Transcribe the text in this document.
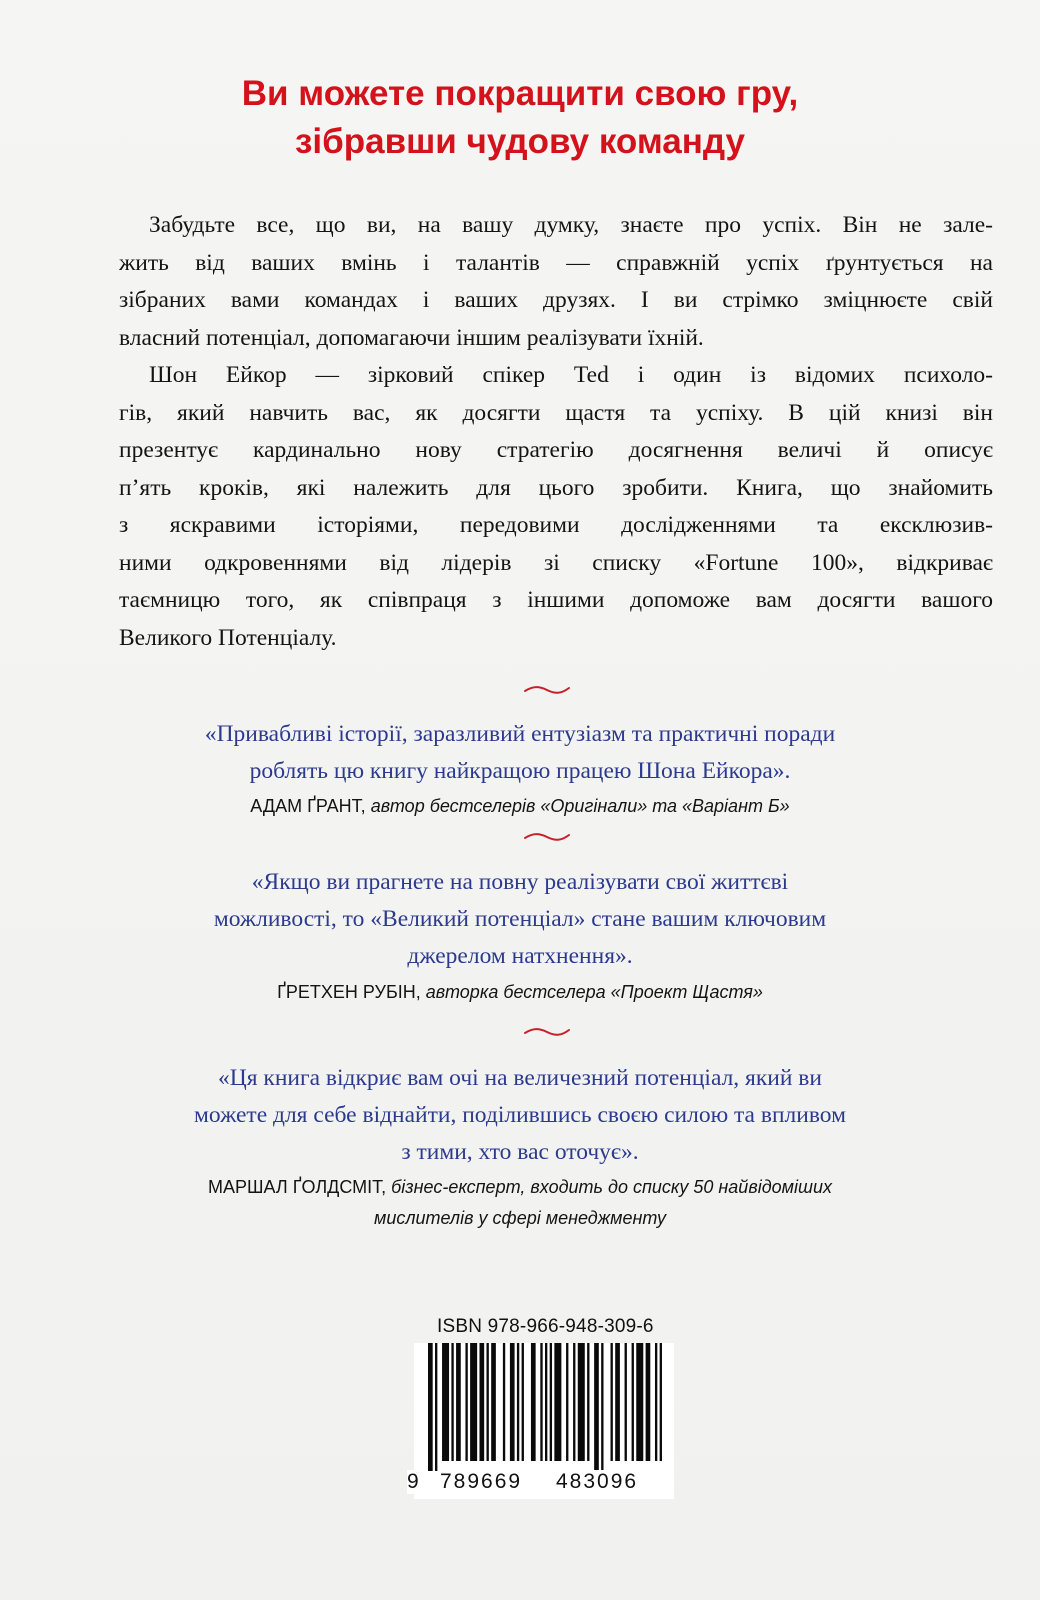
Ви можете покращити свою гру,
зібравши чудову команду
Забудьте все, що ви, на вашу думку, знаєте про успіх. Він не зале-
жить від ваших вмінь і талантів — справжній успіх ґрунтується на
зібраних вами командах і ваших друзях. І ви стрімко зміцнюєте свій
власний потенціал, допомагаючи іншим реалізувати їхній.
Шон Ейкор — зірковий спікер Ted і один із відомих психоло-
гів, який навчить вас, як досягти щастя та успіху. В цій книзі він
презентує кардинально нову стратегію досягнення величі й описує
п’ять кроків, які належить для цього зробити. Книга, що знайомить
з яскравими історіями, передовими дослідженнями та ексклюзив-
ними одкровеннями від лідерів зі списку «Fortune 100», відкриває
таємницю того, як співпраця з іншими допоможе вам досягти вашого
Великого Потенціалу.
«Привабливі історії, заразливий ентузіазм та практичні поради
роблять цю книгу найкращою працею Шона Ейкора».
АДАМ ҐРАНТ, автор бестселерів «Оригінали» та «Варіант Б»
«Якщо ви прагнете на повну реалізувати свої життєві
можливості, то «Великий потенціал» стане вашим ключовим
джерелом натхнення».
ҐРЕТХЕН РУБІН, авторка бестселера «Проект Щастя»
«Ця книга відкриє вам очі на величезний потенціал, який ви
можете для себе віднайти, поділившись своєю силою та впливом
з тими, хто вас оточує».
МАРШАЛ ҐОЛДСМІТ, бізнес-експерт, входить до списку 50 найвідоміших
мислителів у сфері менеджменту
ISBN 978-966-948-309-6
9 789669 483096
